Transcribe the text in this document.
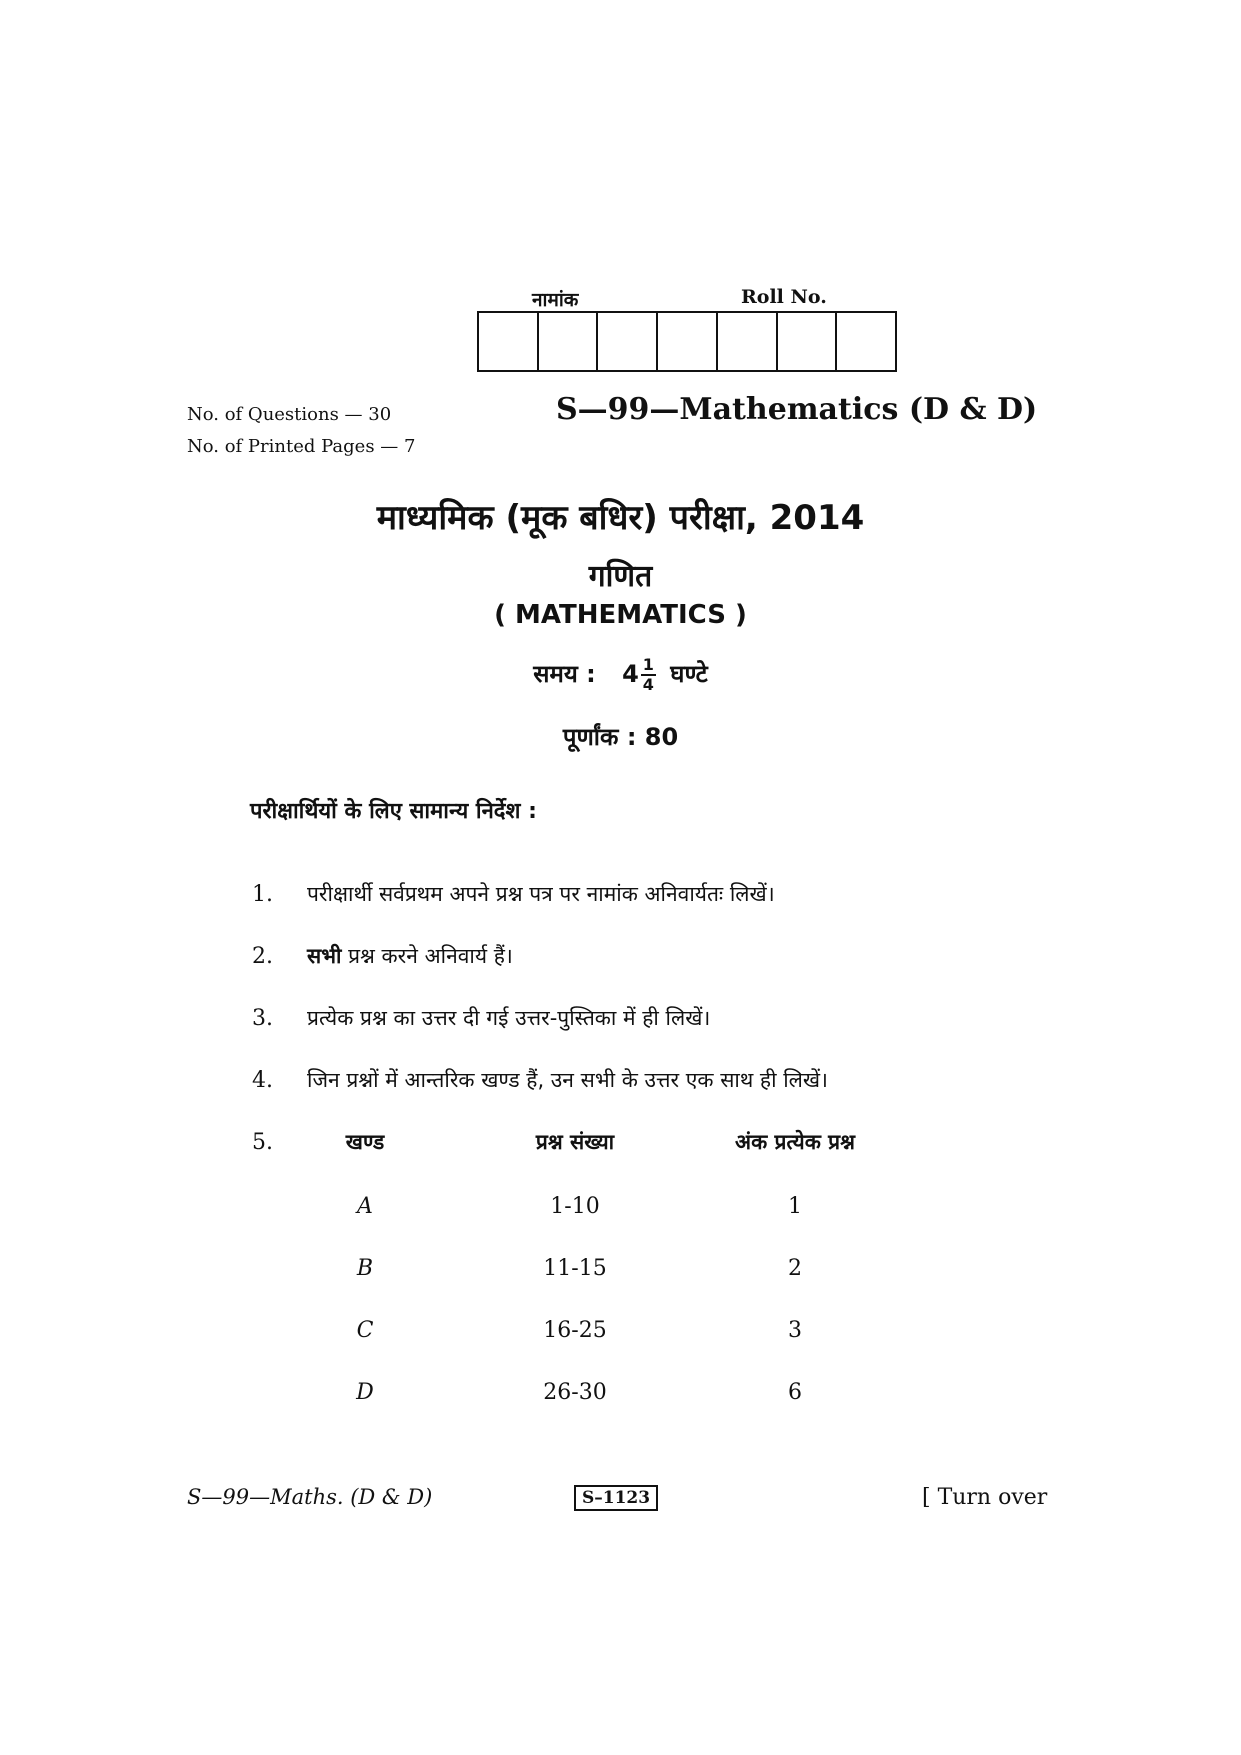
नामांक	Roll No.
No. of Questions — 30
No. of Printed Pages — 7
S—99—Mathematics (D & D)
माध्यमिक (मूक बधिर) परीक्षा, 2014
गणित
( MATHEMATICS )
समय : $4 \frac{1}{4}$ घण्टे
पूर्णांक : 80
परीक्षार्थियों के लिए सामान्य निर्देश :
1. परीक्षार्थी सर्वप्रथम अपने प्रश्न पत्र पर नामांक अनिवार्यतः लिखें।
2. सभी प्रश्न करने अनिवार्य हैं।
3. प्रत्येक प्रश्न का उत्तर दी गई उत्तर-पुस्तिका में ही लिखें।
4. जिन प्रश्नों में आन्तरिक खण्ड हैं, उन सभी के उत्तर एक साथ ही लिखें।
5.	खण्ड	प्रश्न संख्या	अंक प्रत्येक प्रश्न
A	1-10	1
B	11-15	2
C	16-25	3
D	26-30	6
S—99—Maths. (D & D)	S–1123	[ Turn over
